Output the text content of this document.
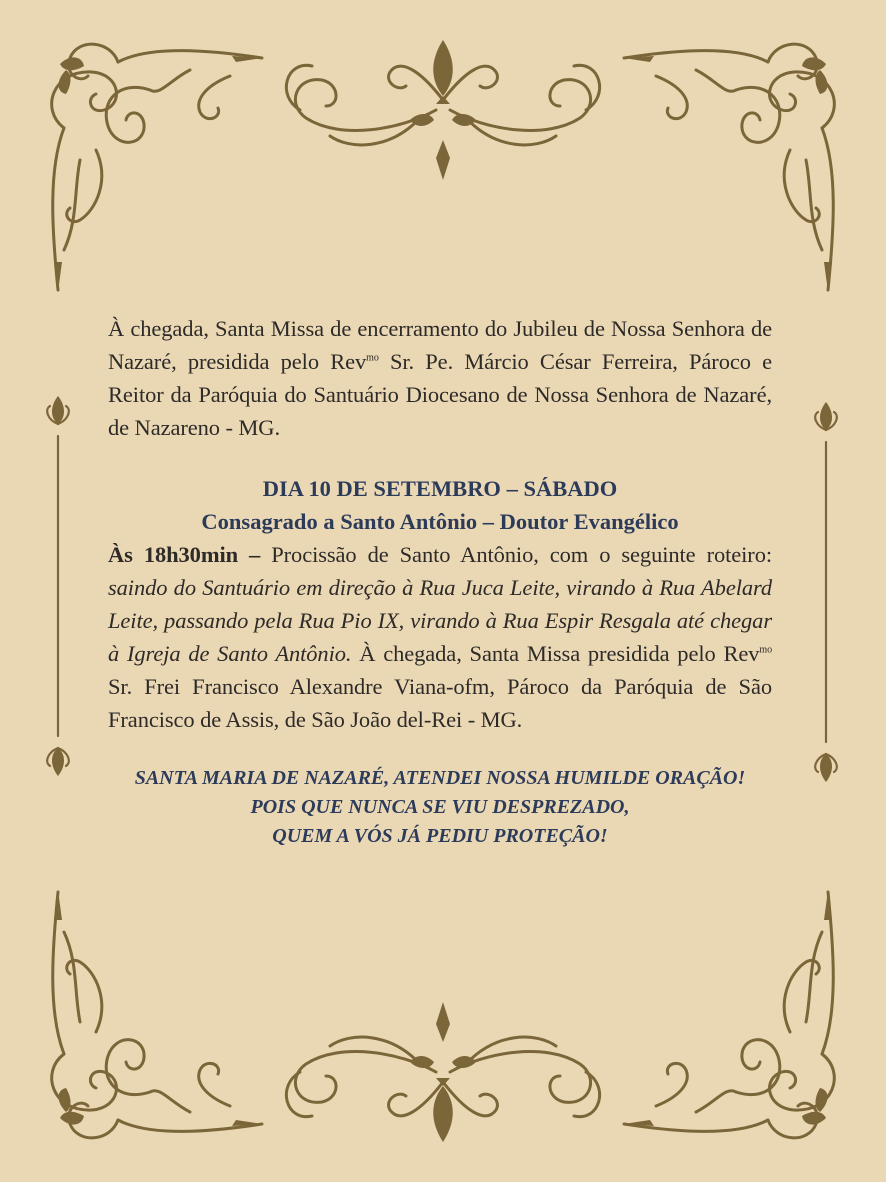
À chegada, Santa Missa de encerramento do Jubileu de Nossa Senhora de Nazaré, presidida pelo Rev$^{mo}$ Sr. Pe. Márcio César Ferreira, Pároco e Reitor da Paróquia do Santuário Diocesano de Nossa Senhora de Nazaré, de Nazareno - MG.

DIA 10 DE SETEMBRO – SÁBADO

Consagrado a Santo Antônio – Doutor Evangélico

Às 18h30min – Procissão de Santo Antônio, com o seguinte roteiro: saindo do Santuário em direção à Rua Juca Leite, virando à Rua Abelard Leite, passando pela Rua Pio IX, virando à Rua Espir Resgala até chegar à Igreja de Santo Antônio. À chegada, Santa Missa presidida pelo Rev$^{mo}$ Sr. Frei Francisco Alexandre Viana-ofm, Pároco da Paróquia de São Francisco de Assis, de São João del-Rei - MG.

SANTA MARIA DE NAZARÉ, ATENDEI NOSSA HUMILDE ORAÇÃO!

POIS QUE NUNCA SE VIU DESPREZADO,

QUEM A VÓS JÁ PEDIU PROTEÇÃO!
